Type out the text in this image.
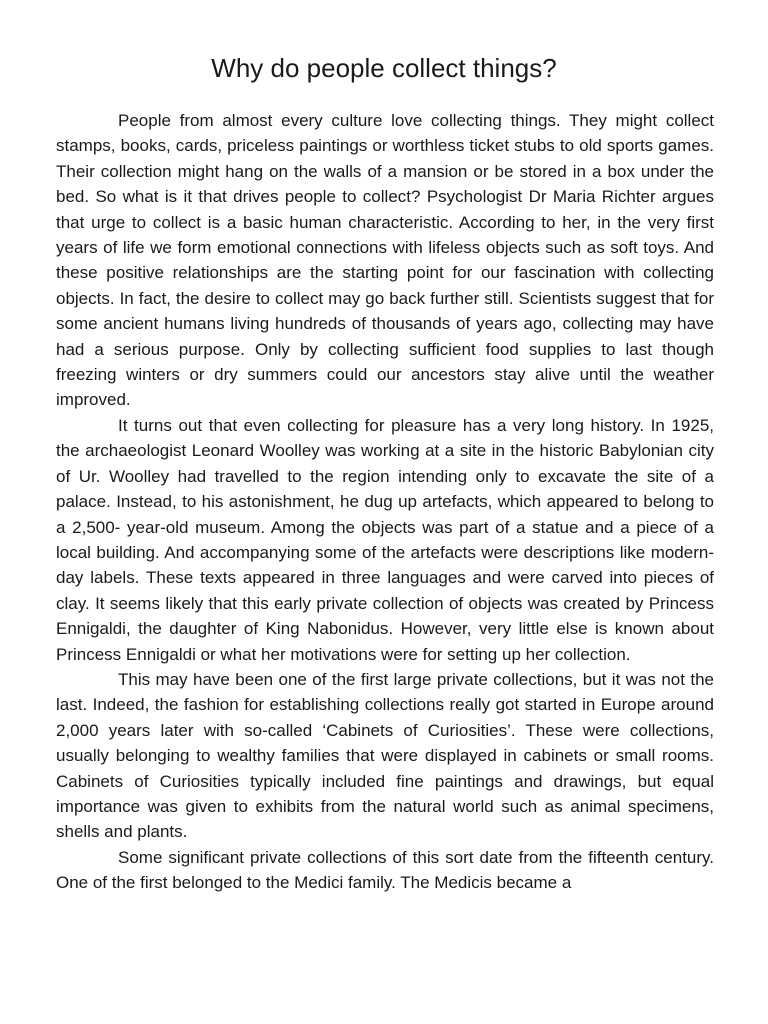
Why do people collect things?

People from almost every culture love collecting things. They might collect stamps, books, cards, priceless paintings or worthless ticket stubs to old sports games. Their collection might hang on the walls of a mansion or be stored in a box under the bed. So what is it that drives people to collect? Psychologist Dr Maria Richter argues that urge to collect is a basic human characteristic. According to her, in the very first years of life we form emotional connections with lifeless objects such as soft toys. And these positive relationships are the starting point for our fascination with collecting objects. In fact, the desire to collect may go back further still. Scientists suggest that for some ancient humans living hundreds of thousands of years ago, collecting may have had a serious purpose. Only by collecting sufficient food supplies to last though freezing winters or dry summers could our ancestors stay alive until the weather improved.

It turns out that even collecting for pleasure has a very long history. In 1925, the archaeologist Leonard Woolley was working at a site in the historic Babylonian city of Ur. Woolley had travelled to the region intending only to excavate the site of a palace. Instead, to his astonishment, he dug up artefacts, which appeared to belong to a 2,500- year-old museum. Among the objects was part of a statue and a piece of a local building. And accompanying some of the artefacts were descriptions like modern-day labels. These texts appeared in three languages and were carved into pieces of clay. It seems likely that this early private collection of objects was created by Princess Ennigaldi, the daughter of King Nabonidus. However, very little else is known about Princess Ennigaldi or what her motivations were for setting up her collection.

This may have been one of the first large private collections, but it was not the last. Indeed, the fashion for establishing collections really got started in Europe around 2,000 years later with so-called ‘Cabinets of Curiosities’. These were collections, usually belonging to wealthy families that were displayed in cabinets or small rooms. Cabinets of Curiosities typically included fine paintings and drawings, but equal importance was given to exhibits from the natural world such as animal specimens, shells and plants.

Some significant private collections of this sort date from the fifteenth century. One of the first belonged to the Medici family. The Medicis became a
